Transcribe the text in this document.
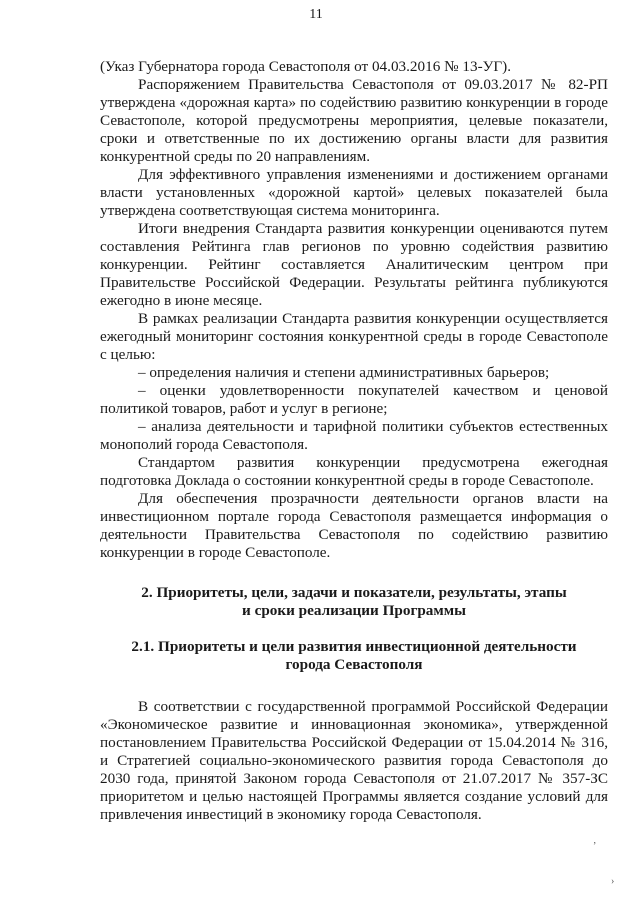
11

(Указ Губернатора города Севастополя от 04.03.2016 № 13-УГ).

Распоряжением Правительства Севастополя от 09.03.2017 № 82-РП утверждена «дорожная карта» по содействию развитию конкуренции в городе Севастополе, которой предусмотрены мероприятия, целевые показатели, сроки и ответственные по их достижению органы власти для развития конкурентной среды по 20 направлениям.

Для эффективного управления изменениями и достижением органами власти установленных «дорожной картой» целевых показателей была утверждена соответствующая система мониторинга.

Итоги внедрения Стандарта развития конкуренции оцениваются путем составления Рейтинга глав регионов по уровню содействия развитию конкуренции. Рейтинг составляется Аналитическим центром при Правительстве Российской Федерации. Результаты рейтинга публикуются ежегодно в июне месяце.

В рамках реализации Стандарта развития конкуренции осуществляется ежегодный мониторинг состояния конкурентной среды в городе Севастополе с целью:

– определения наличия и степени административных барьеров;

– оценки удовлетворенности покупателей качеством и ценовой политикой товаров, работ и услуг в регионе;

– анализа деятельности и тарифной политики субъектов естественных монополий города Севастополя.

Стандартом развития конкуренции предусмотрена ежегодная подготовка Доклада о состоянии конкурентной среды в городе Севастополе.

Для обеспечения прозрачности деятельности органов власти на инвестиционном портале города Севастополя размещается информация о деятельности Правительства Севастополя по содействию развитию конкуренции в городе Севастополе.

2. Приоритеты, цели, задачи и показатели, результаты, этапы
и сроки реализации Программы
2.1. Приоритеты и цели развития инвестиционной деятельности
города Севастополя

В соответствии с государственной программой Российской Федерации «Экономическое развитие и инновационная экономика», утвержденной постановлением Правительства Российской Федерации от 15.04.2014 № 316, и Стратегией социально-экономического развития города Севастополя до 2030 года, принятой Законом города Севастополя от 21.07.2017 № 357-ЗС приоритетом и целью настоящей Программы является создание условий для привлечения инвестиций в экономику города Севастополя.

’
›
